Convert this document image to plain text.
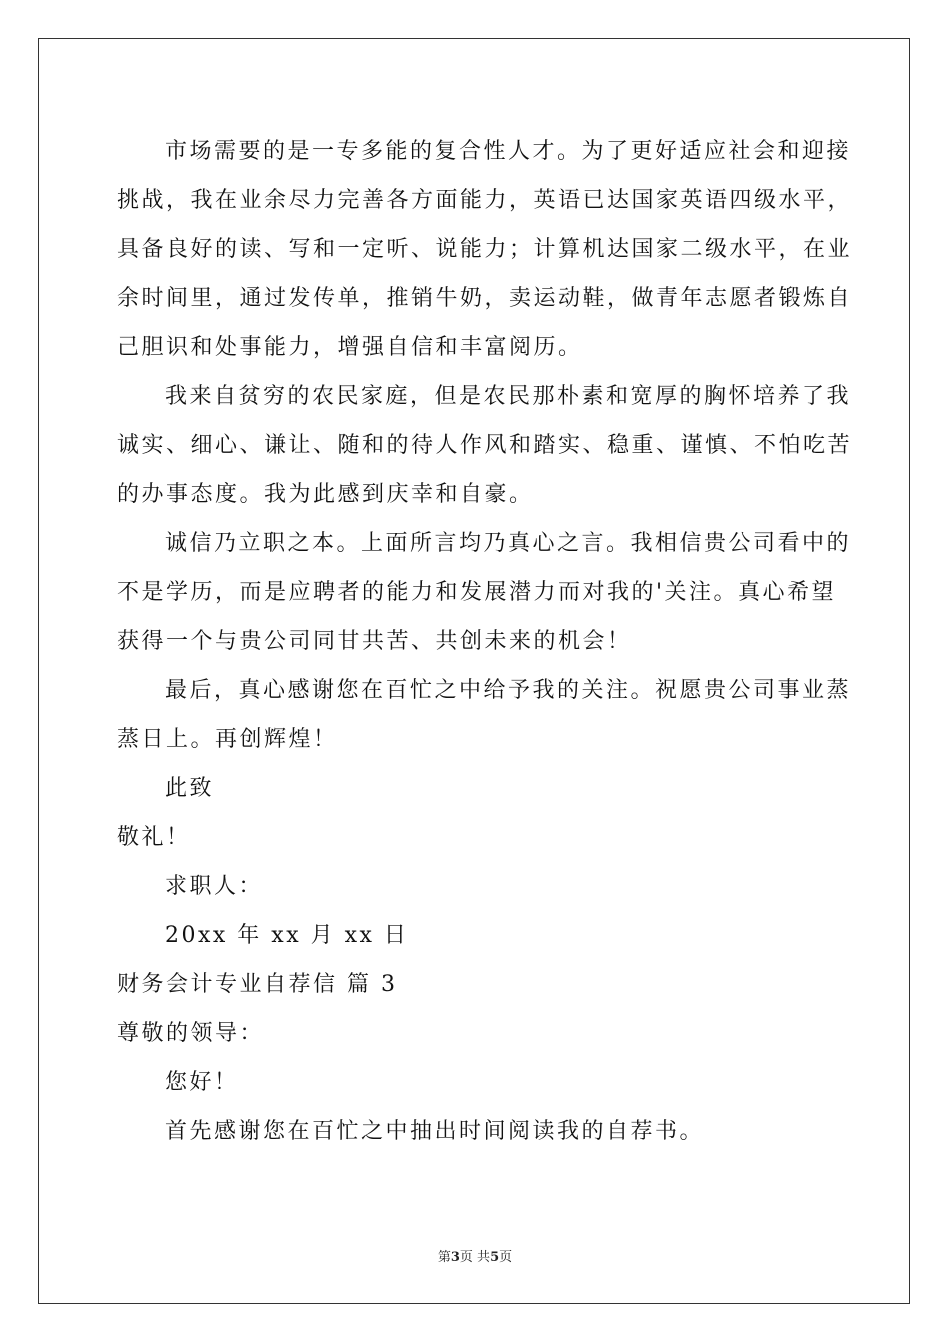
市场需要的是一专多能的复合性人才。为了更好适应社会和迎接
挑战，我在业余尽力完善各方面能力，英语已达国家英语四级水平，
具备良好的读、写和一定听、说能力；计算机达国家二级水平，在业
余时间里，通过发传单，推销牛奶，卖运动鞋，做青年志愿者锻炼自
己胆识和处事能力，增强自信和丰富阅历。
我来自贫穷的农民家庭，但是农民那朴素和宽厚的胸怀培养了我
诚实、细心、谦让、随和的待人作风和踏实、稳重、谨慎、不怕吃苦
的办事态度。我为此感到庆幸和自豪。
诚信乃立职之本。上面所言均乃真心之言。我相信贵公司看中的
不是学历，而是应聘者的能力和发展潜力而对我的'关注。真心希望
获得一个与贵公司同甘共苦、共创未来的机会！
最后，真心感谢您在百忙之中给予我的关注。祝愿贵公司事业蒸
蒸日上。再创辉煌！
此致
敬礼！
求职人：
20xx 年 xx 月 xx 日
财务会计专业自荐信 篇 3
尊敬的领导：
您好！
首先感谢您在百忙之中抽出时间阅读我的自荐书。
第3页 共5页
